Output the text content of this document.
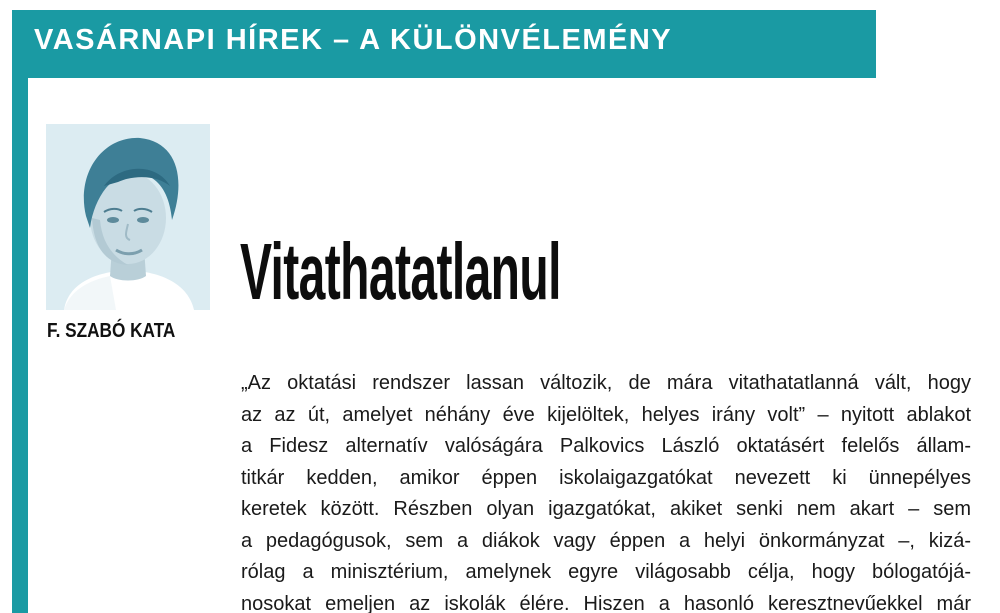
VASÁRNAPI HÍREK – A KÜLÖNVÉLEMÉNY
F. SZABÓ KATA
Vitathatatlanul
„Az oktatási rendszer lassan változik, de mára vitathatatlanná vált, hogy
az az út, amelyet néhány éve kijelöltek, helyes irány volt” – nyitott ablakot
a Fidesz alternatív valóságára Palkovics László oktatásért felelős állam-
titkár kedden, amikor éppen iskolaigazgatókat nevezett ki ünnepélyes
keretek között. Részben olyan igazgatókat, akiket senki nem akart – sem
a pedagógusok, sem a diákok vagy éppen a helyi önkormányzat –, kizá-
rólag a minisztérium, amelynek egyre világosabb célja, hogy bólogatójá-
nosokat emeljen az iskolák élére. Hiszen a hasonló keresztnevűekkel már
